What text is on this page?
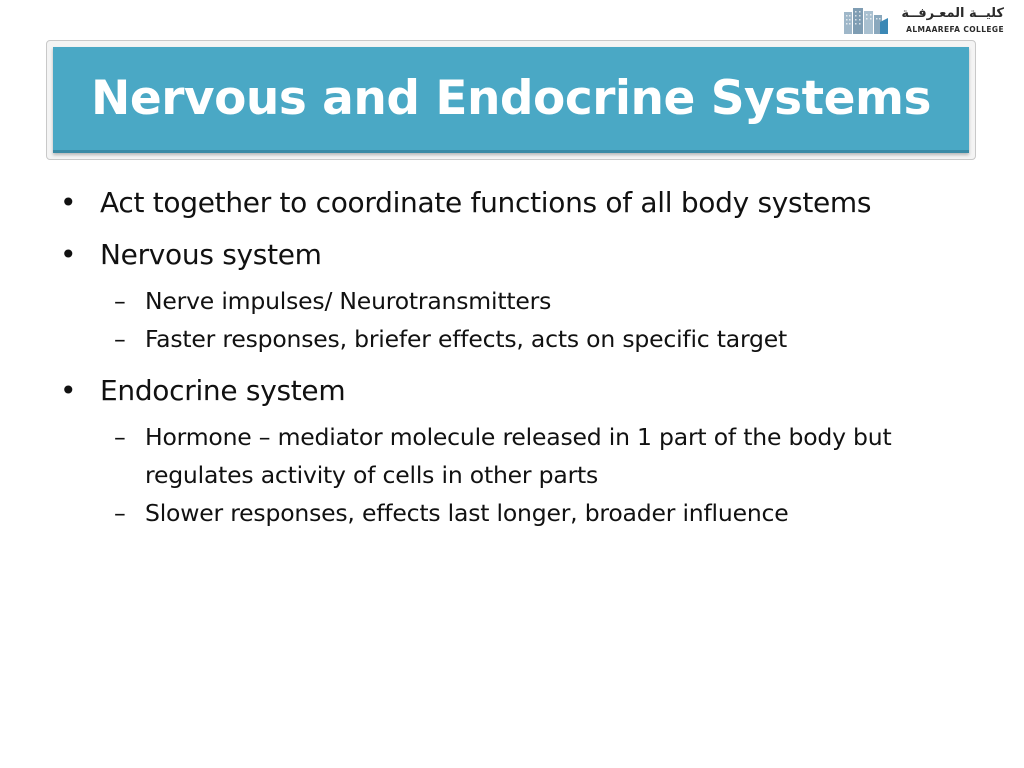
كليــة المعـرفــة
ALMAAREFA COLLEGE
Nervous and Endocrine Systems
• Act together to coordinate functions of all body systems
• Nervous system
– Nerve impulses/ Neurotransmitters
– Faster responses, briefer effects, acts on specific target
• Endocrine system
– Hormone – mediator molecule released in 1 part of the body but regulates activity of cells in other parts
– Slower responses, effects last longer, broader influence
